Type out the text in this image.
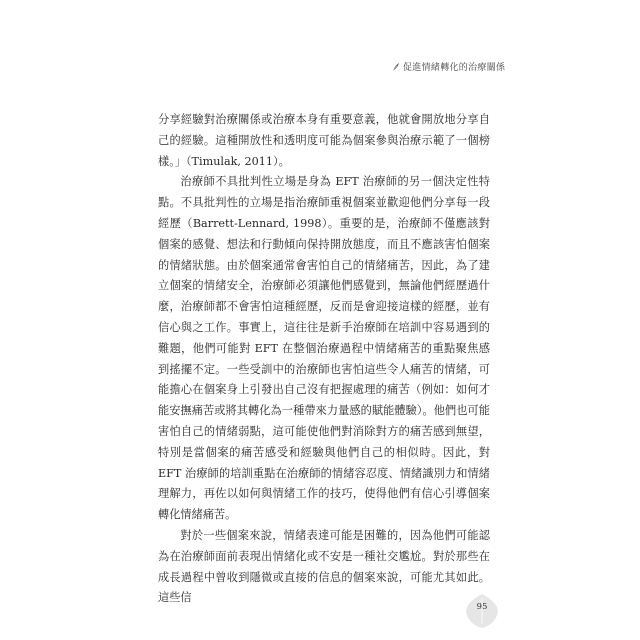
促進情緒轉化的治療關係

分享經驗對治療關係或治療本身有重要意義，他就會開放地分享自己的經驗。這種開放性和透明度可能為個案參與治療示範了一個榜樣。」（Timulak, 2011）。

治療師不具批判性立場是身為 EFT 治療師的另一個決定性特點。不具批判性的立場是指治療師重視個案並歡迎他們分享每一段經歷（Barrett-Lennard, 1998）。重要的是，治療師不僅應該對個案的感覺、想法和行動傾向保持開放態度，而且不應該害怕個案的情緒狀態。由於個案通常會害怕自己的情緒痛苦，因此，為了建立個案的情緒安全，治療師必須讓他們感覺到，無論他們經歷過什麼，治療師都不會害怕這種經歷，反而是會迎接這樣的經歷，並有信心與之工作。事實上，這往往是新手治療師在培訓中容易遇到的難題，他們可能對 EFT 在整個治療過程中情緒痛苦的重點聚焦感到搖擺不定。一些受訓中的治療師也害怕這些令人痛苦的情緒，可能擔心在個案身上引發出自己沒有把握處理的痛苦（例如：如何才能安撫痛苦或將其轉化為一種帶來力量感的賦能體驗）。他們也可能害怕自己的情緒弱點，這可能使他們對消除對方的痛苦感到無望，特別是當個案的痛苦感受和經驗與他們自己的相似時。因此，對 EFT 治療師的培訓重點在治療師的情緒容忍度、情緒識別力和情緒理解力，再佐以如何與情緒工作的技巧，使得他們有信心引導個案轉化情緒痛苦。

對於一些個案來說，情緒表達可能是困難的，因為他們可能認為在治療師面前表現出情緒化或不安是一種社交尷尬。對於那些在成長過程中曾收到隱微或直接的信息的個案來說，可能尤其如此。這些信

95
